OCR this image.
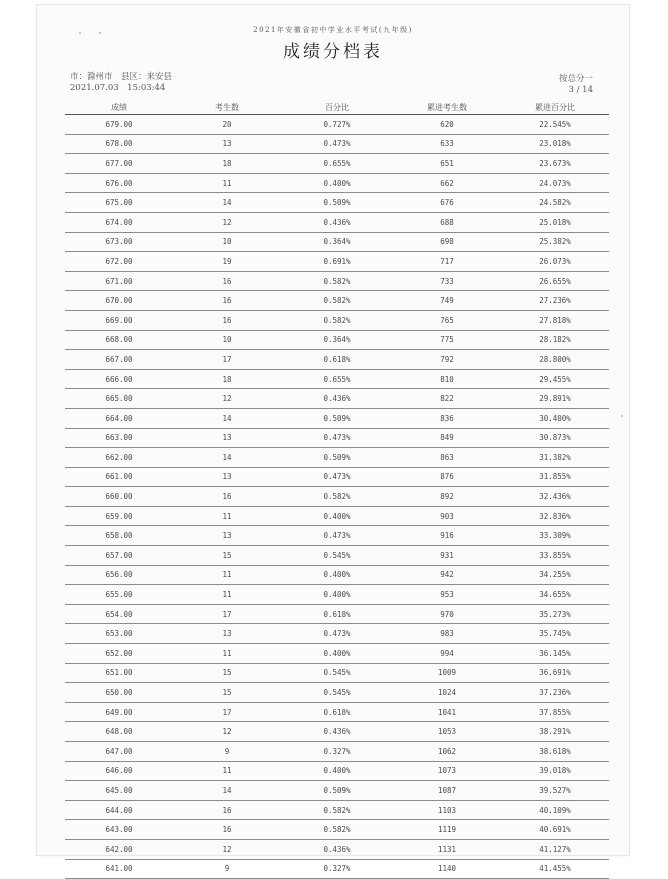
2021年安徽省初中学业水平考试(九年级)
成绩分档表
市：滁州市　县区：来安县
2021.07.03　15:03:44
按总分一
3 / 14
成绩	考生数	百分比	累进考生数	累进百分比
679.00	20	0.727%	620	22.545%
678.00	13	0.473%	633	23.018%
677.00	18	0.655%	651	23.673%
676.00	11	0.400%	662	24.073%
675.00	14	0.509%	676	24.582%
674.00	12	0.436%	688	25.018%
673.00	10	0.364%	698	25.382%
672.00	19	0.691%	717	26.073%
671.00	16	0.582%	733	26.655%
670.00	16	0.582%	749	27.236%
669.00	16	0.582%	765	27.818%
668.00	10	0.364%	775	28.182%
667.00	17	0.618%	792	28.800%
666.00	18	0.655%	810	29.455%
665.00	12	0.436%	822	29.891%
664.00	14	0.509%	836	30.400%
663.00	13	0.473%	849	30.873%
662.00	14	0.509%	863	31.382%
661.00	13	0.473%	876	31.855%
660.00	16	0.582%	892	32.436%
659.00	11	0.400%	903	32.836%
658.00	13	0.473%	916	33.309%
657.00	15	0.545%	931	33.855%
656.00	11	0.400%	942	34.255%
655.00	11	0.400%	953	34.655%
654.00	17	0.618%	970	35.273%
653.00	13	0.473%	983	35.745%
652.00	11	0.400%	994	36.145%
651.00	15	0.545%	1009	36.691%
650.00	15	0.545%	1024	37.236%
649.00	17	0.618%	1041	37.855%
648.00	12	0.436%	1053	38.291%
647.00	9	0.327%	1062	38.618%
646.00	11	0.400%	1073	39.018%
645.00	14	0.509%	1087	39.527%
644.00	16	0.582%	1103	40.109%
643.00	16	0.582%	1119	40.691%
642.00	12	0.436%	1131	41.127%
641.00	9	0.327%	1140	41.455%
